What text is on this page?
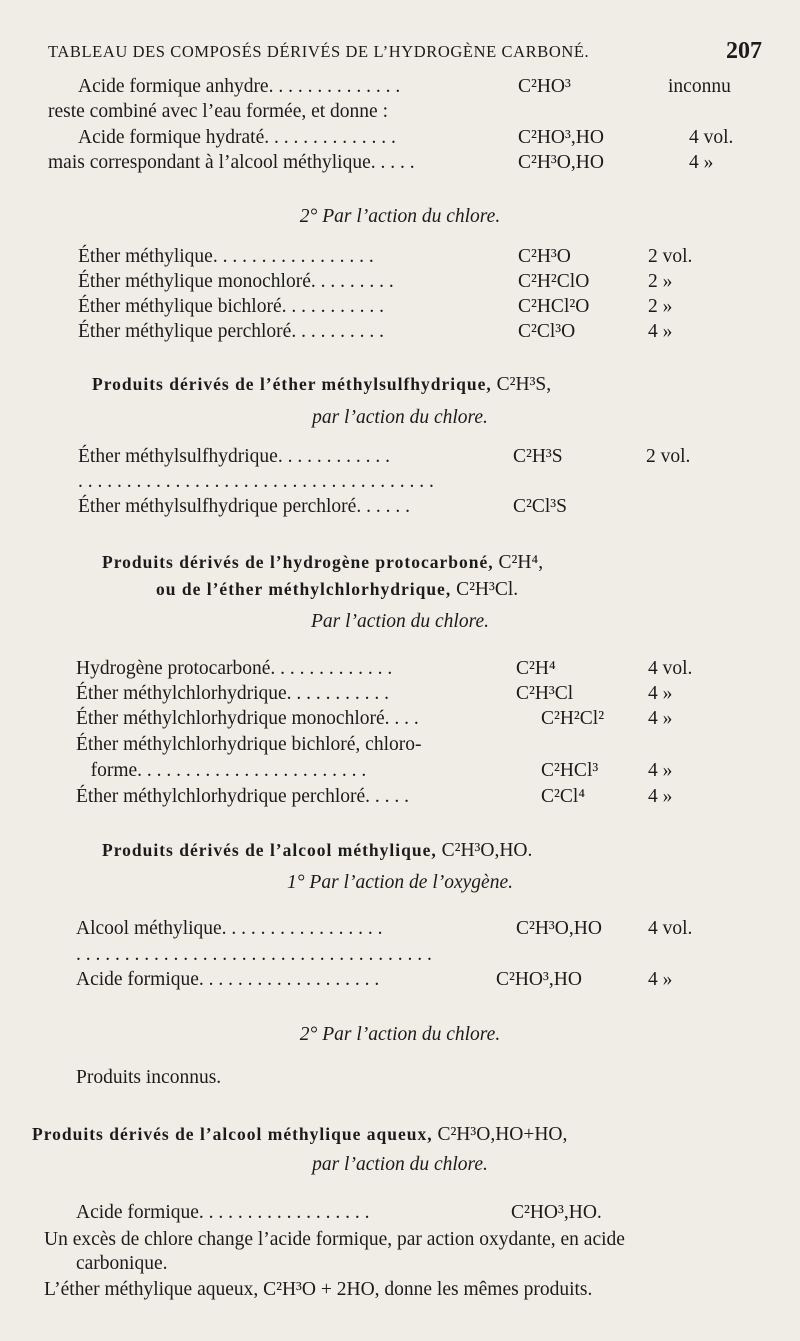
TABLEAU DES COMPOSÉS DÉRIVÉS DE L’HYDROGÈNE CARBONÉ.	207
Acide formique anhydre. . . . . . . . . . . . . .	C²HO³	inconnu
reste combiné avec l’eau formée, et donne :
Acide formique hydraté. . . . . . . . . . . . . .	C²HO³,HO	4 vol.
mais correspondant à l’alcool méthylique. . . . .	C²H³O,HO	4 »
2° Par l’action du chlore.
Éther méthylique. . . . . . . . . . . . . . . . .	C²H³O	2 vol.
Éther méthylique monochloré. . . . . . . . .	C²H²ClO	2 »
Éther méthylique bichloré. . . . . . . . . . .	C²HCl²O	2 »
Éther méthylique perchloré. . . . . . . . . .	C²Cl³O	4 »
Produits dérivés de l’éther méthylsulfhydrique, C²H³S,
par l’action du chlore.
Éther méthylsulfhydrique. . . . . . . . . . . .	C²H³S	2 vol.
. . . . . . . . . . . . . . . . . . . . . . . . . . . . . . . . . . . . .
Éther méthylsulfhydrique perchloré. . . . . .	C²Cl³S
Produits dérivés de l’hydrogène protocarboné, C²H⁴,
ou de l’éther méthylchlorhydrique, C²H³Cl.
Par l’action du chlore.
Hydrogène protocarboné. . . . . . . . . . . . .	C²H⁴	4 vol.
Éther méthylchlorhydrique. . . . . . . . . . .	C²H³Cl	4 »
Éther méthylchlorhydrique monochloré. . . .	C²H²Cl² 4 »
Éther méthylchlorhydrique bichloré, chloro-
forme. . . . . . . . . . . . . . . . . . . . . . . .	C²HCl³	4 »
Éther méthylchlorhydrique perchloré. . . . .	C²Cl⁴	4 »
Produits dérivés de l’alcool méthylique, C²H³O,HO.
1° Par l’action de l’oxygène.
Alcool méthylique. . . . . . . . . . . . . . . . .	C²H³O,HO 4 vol.
. . . . . . . . . . . . . . . . . . . . . . . . . . . . . . . . . . . . .
Acide formique. . . . . . . . . . . . . . . . . . .	C²HO³,HO	4 »
2° Par l’action du chlore.
Produits inconnus.
Produits dérivés de l’alcool méthylique aqueux, C²H³O,HO+HO,
par l’action du chlore.
Acide formique. . . . . . . . . . . . . . . . . .	C²HO³,HO.
Un excès de chlore change l’acide formique, par action oxydante, en acide
carbonique.
L’éther méthylique aqueux, C²H³O + 2HO, donne les mêmes produits.
